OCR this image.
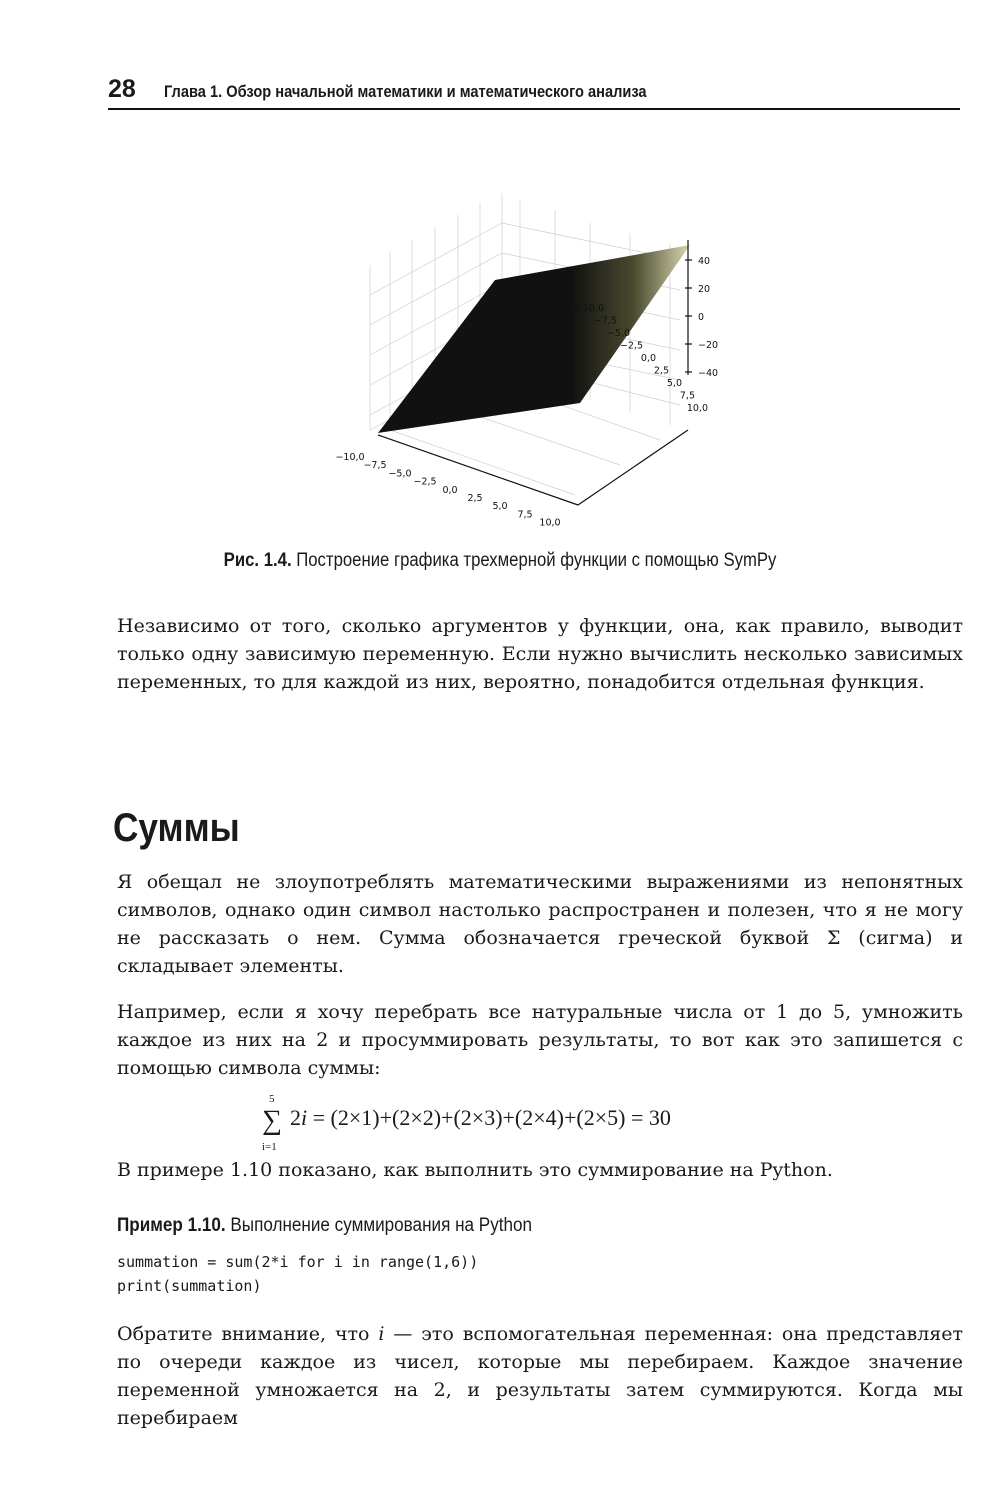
28 Глава 1. Обзор начальной математики и математического анализа
40
20
0
−20
−40
−10,0
−7,5
−5,0
−2,5
0,0
2,5
5,0
7,5
10,0
10,0
7,5
5,0
2,5
0,0
−2,5
−5,0
−7,5
−10,0
Рис. 1.4. Построение графика трехмерной функции с помощью SymPy

Независимо от того, сколько аргументов у функции, она, как правило, выводит только одну зависимую переменную. Если нужно вычислить несколько зависимых переменных, то для каждой из них, вероятно, понадобится отдельная функция.

Суммы

Я обещал не злоупотреблять математическими выражениями из непонятных символов, однако один символ настолько распространен и полезен, что я не могу не рассказать о нем. Сумма обозначается греческой буквой Σ (сигма) и складывает элементы.

Например, если я хочу перебрать все натуральные числа от 1 до 5, умножить каждое из них на 2 и просуммировать результаты, то вот как это запишется с помощью символа суммы:

5
∑
i=1
2i = (2×1)+(2×2)+(2×3)+(2×4)+(2×5) = 30

В примере 1.10 показано, как выполнить это суммирование на Python.

Пример 1.10. Выполнение суммирования на Python
summation = sum(2*i for i in range(1,6))
print(summation)

Обратите внимание, что i — это вспомогательная переменная: она представляет по очереди каждое из чисел, которые мы перебираем. Каждое значение переменной умножается на 2, и результаты затем суммируются. Когда мы перебираем
